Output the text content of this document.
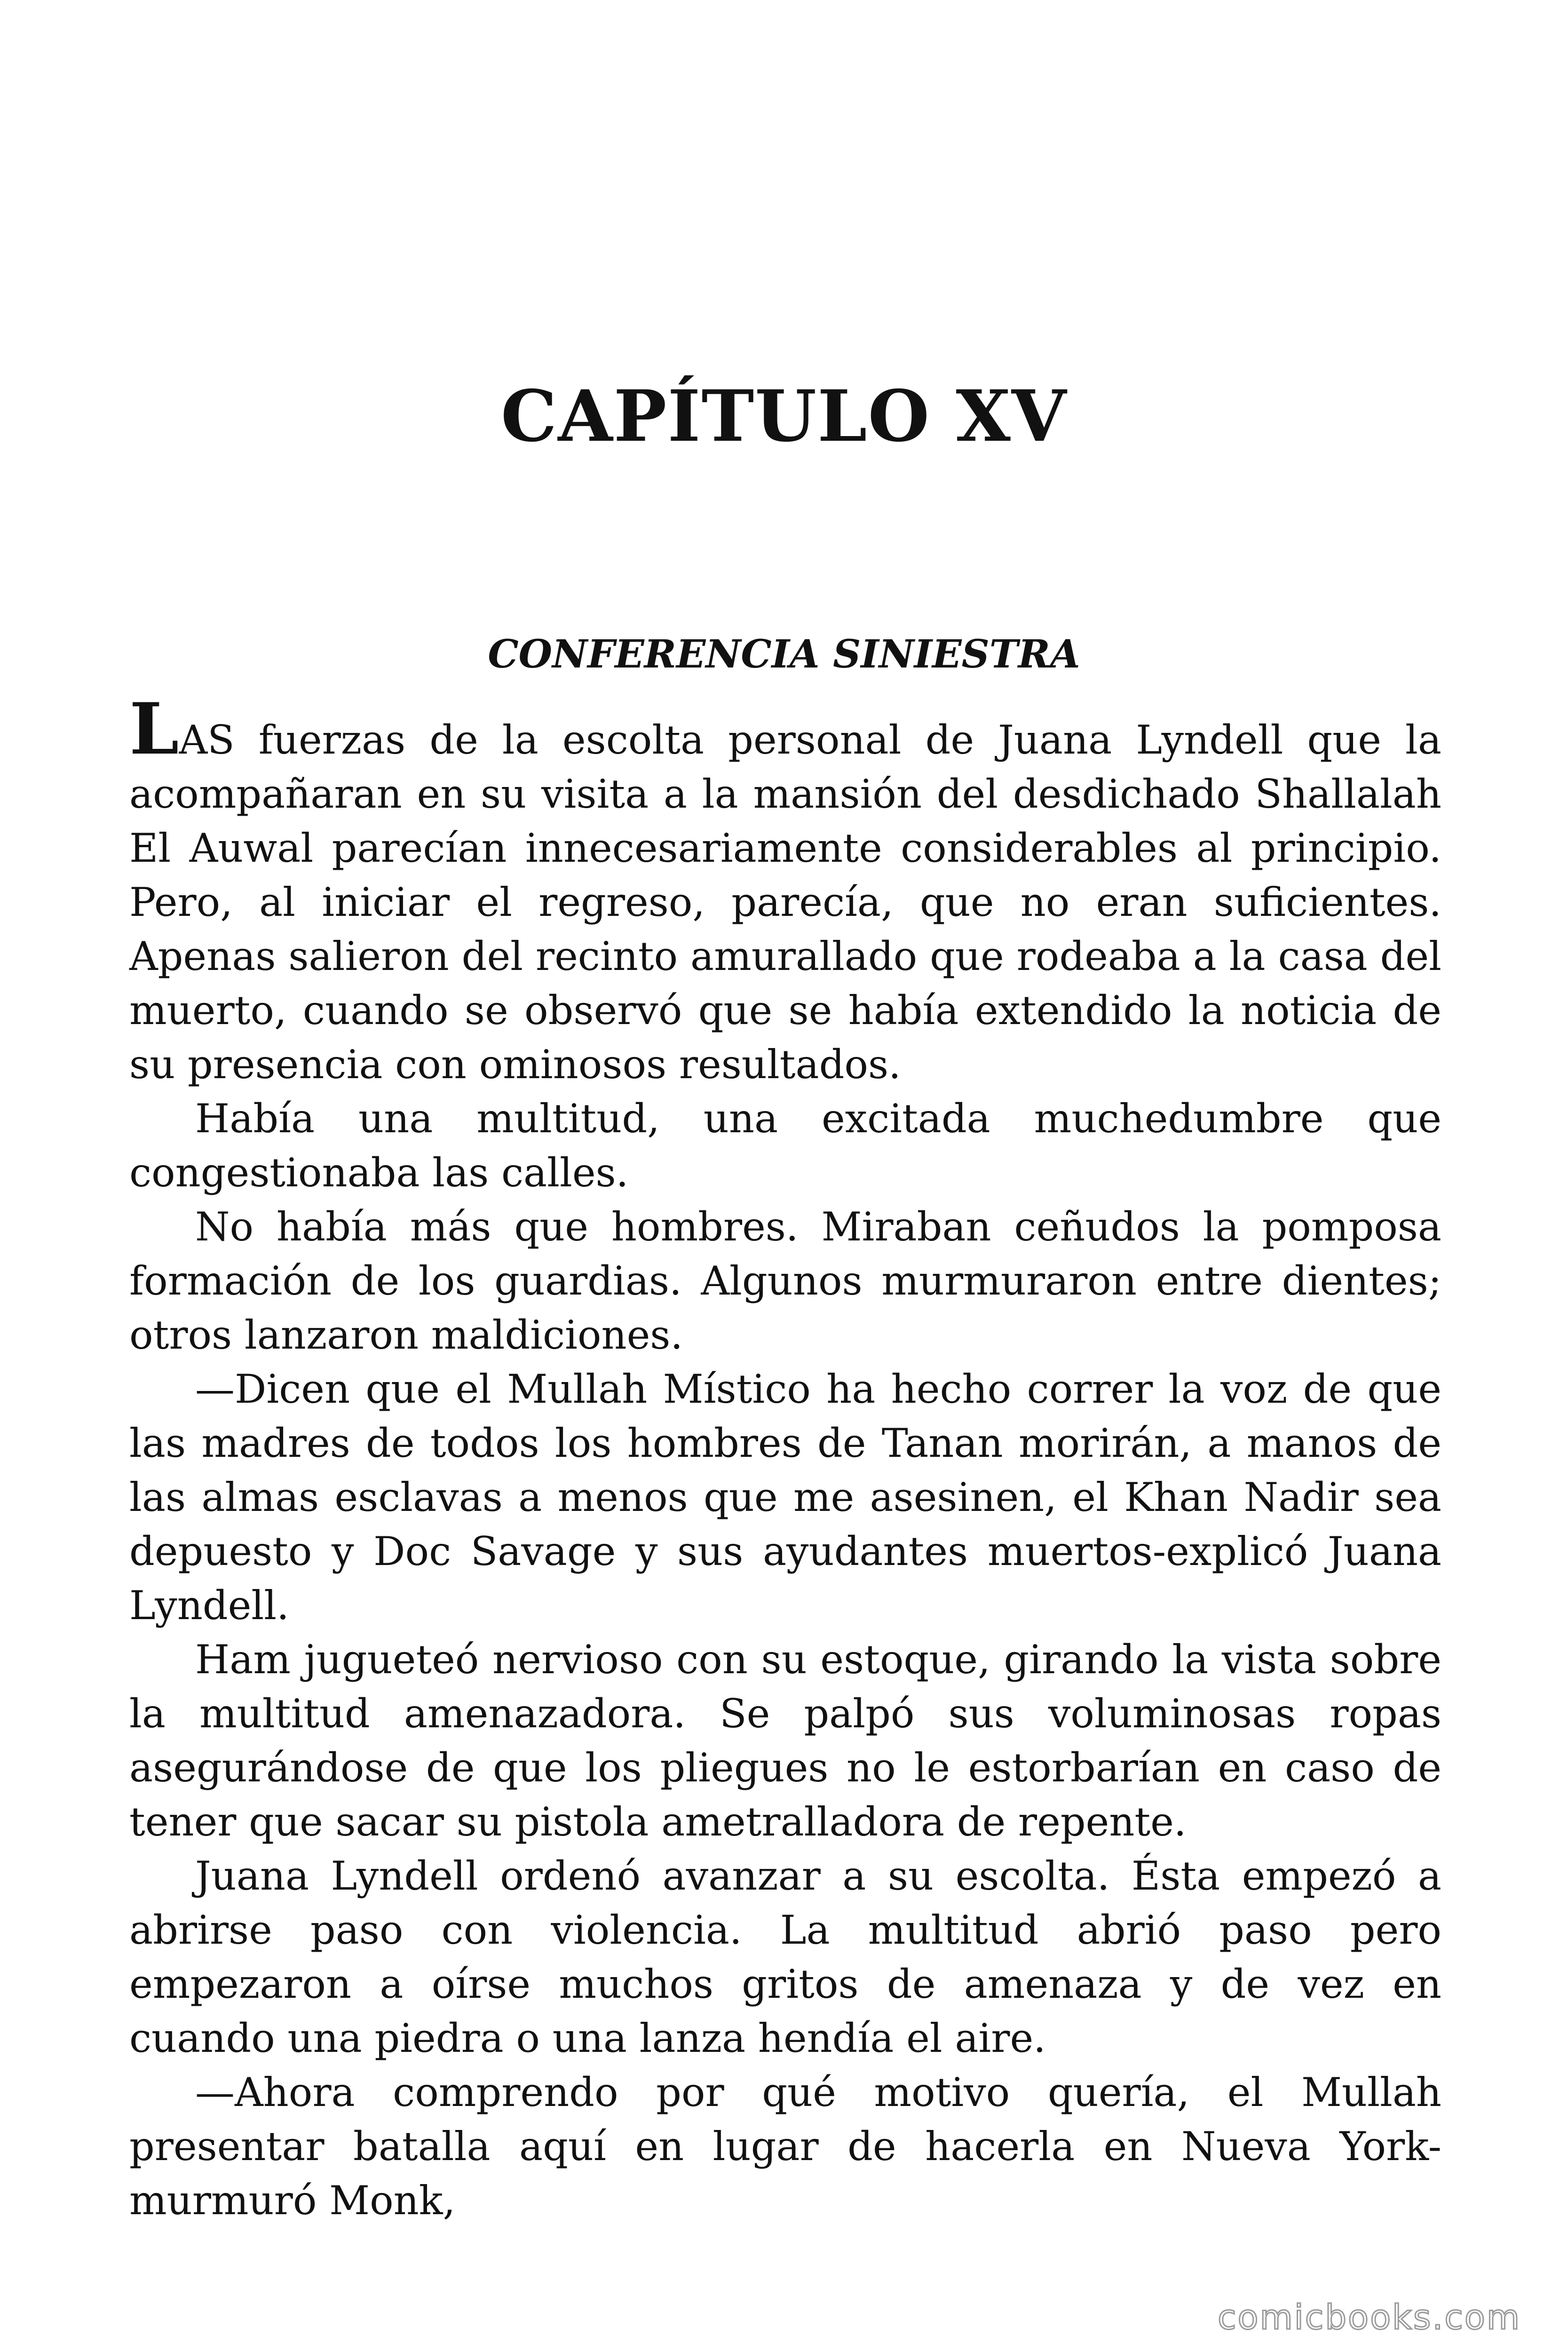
CAPÍTULO XV
CONFERENCIA SINIESTRA

LAS fuerzas de la escolta personal de Juana Lyndell que la acompañaran en su visita a la mansión del desdichado Shallalah El Auwal parecían innecesariamente considerables al principio. Pero, al iniciar el regreso, parecía, que no eran suficientes. Apenas salieron del recinto amurallado que rodeaba a la casa del muerto, cuando se observó que se había extendido la noticia de su presencia con ominosos resultados.

Había una multitud, una excitada muchedumbre que congestionaba las calles.

No había más que hombres. Miraban ceñudos la pomposa formación de los guardias. Algunos murmuraron entre dientes; otros lanzaron maldiciones.

—Dicen que el Mullah Místico ha hecho correr la voz de que las madres de todos los hombres de Tanan morirán, a manos de las almas esclavas a menos que me asesinen, el Khan Nadir sea depuesto y Doc Savage y sus ayudantes muertos-explicó Juana Lyndell.

Ham jugueteó nervioso con su estoque, girando la vista sobre la multitud amenazadora. Se palpó sus voluminosas ropas asegurándose de que los pliegues no le estorbarían en caso de tener que sacar su pistola ametralladora de repente.

Juana Lyndell ordenó avanzar a su escolta. Ésta empezó a abrirse paso con violencia. La multitud abrió paso pero empezaron a oírse muchos gritos de amenaza y de vez en cuando una piedra o una lanza hendía el aire.

—Ahora comprendo por qué motivo quería, el Mullah presentar batalla aquí en lugar de hacerla en Nueva York-murmuró Monk,

comicbooks.com
